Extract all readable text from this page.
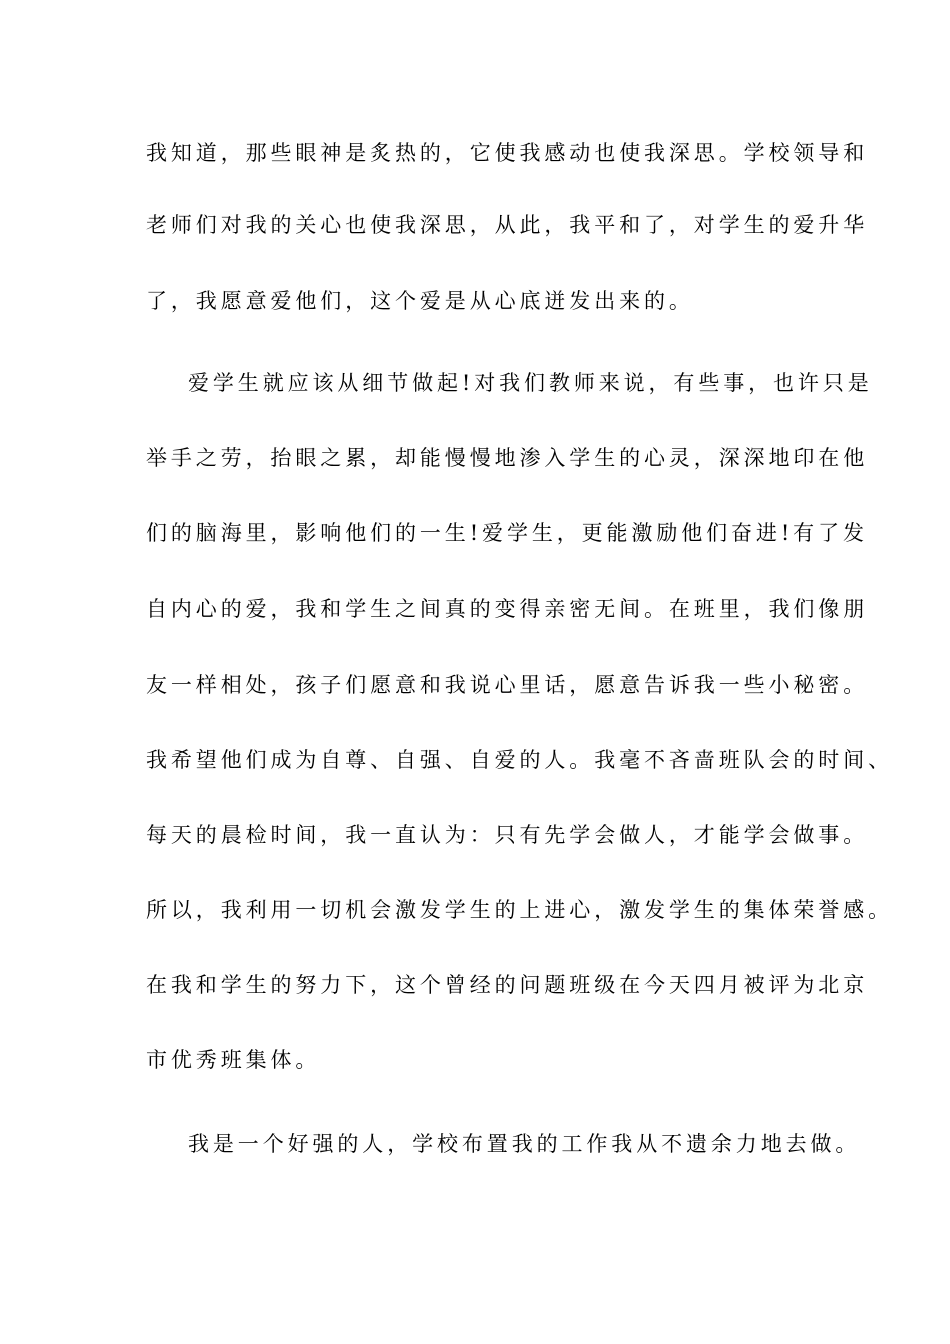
我知道，那些眼神是炙热的，它使我感动也使我深思。学校领导和
老师们对我的关心也使我深思，从此，我平和了，对学生的爱升华
了，我愿意爱他们，这个爱是从心底迸发出来的。
爱学生就应该从细节做起!对我们教师来说，有些事，也许只是
举手之劳，抬眼之累，却能慢慢地渗入学生的心灵，深深地印在他
们的脑海里，影响他们的一生!爱学生，更能激励他们奋进!有了发
自内心的爱，我和学生之间真的变得亲密无间。在班里，我们像朋
友一样相处，孩子们愿意和我说心里话，愿意告诉我一些小秘密。
我希望他们成为自尊、自强、自爱的人。我毫不吝啬班队会的时间、
每天的晨检时间，我一直认为：只有先学会做人，才能学会做事。
所以，我利用一切机会激发学生的上进心，激发学生的集体荣誉感。
在我和学生的努力下，这个曾经的问题班级在今天四月被评为北京
市优秀班集体。
我是一个好强的人，学校布置我的工作我从不遗余力地去做。
